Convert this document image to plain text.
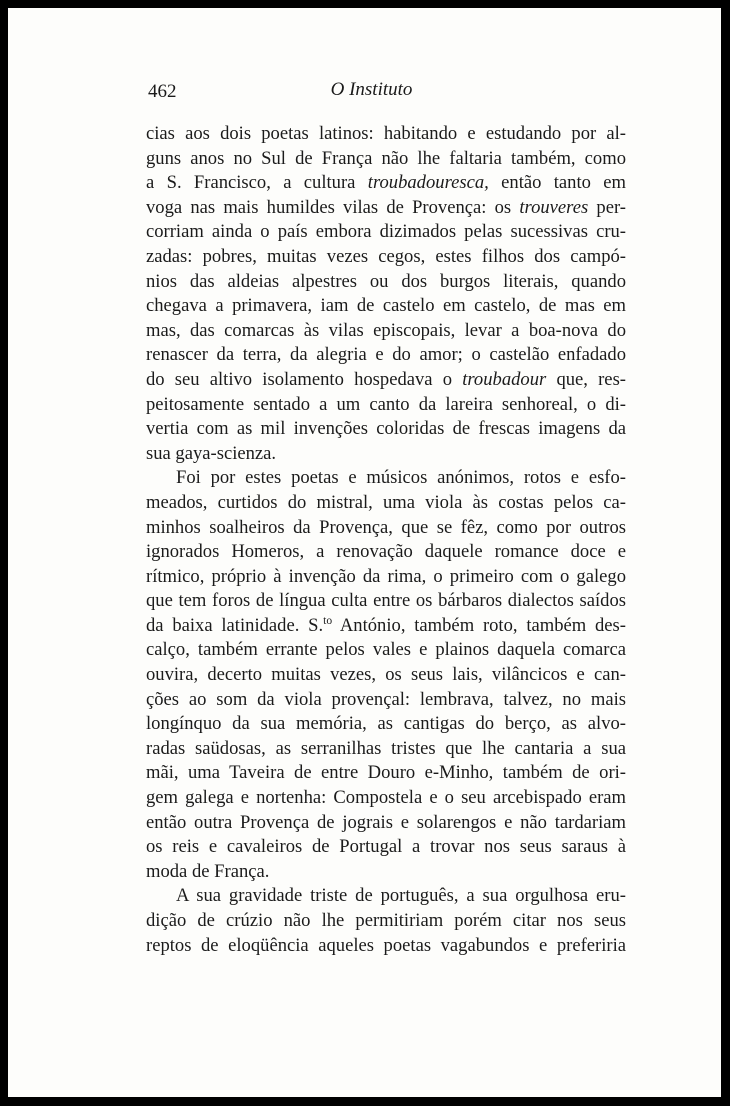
462	O Instituto
cias aos dois poetas latinos: habitando e estudando por al-
guns anos no Sul de França não lhe faltaria também, como
a S. Francisco, a cultura troubadouresca, então tanto em
voga nas mais humildes vilas de Provença: os trouveres per-
corriam ainda o país embora dizimados pelas sucessivas cru-
zadas: pobres, muitas vezes cegos, estes filhos dos campó-
nios das aldeias alpestres ou dos burgos literais, quando
chegava a primavera, iam de castelo em castelo, de mas em
mas, das comarcas às vilas episcopais, levar a boa-nova do
renascer da terra, da alegria e do amor; o castelão enfadado
do seu altivo isolamento hospedava o troubadour que, res-
peitosamente sentado a um canto da lareira senhoreal, o di-
vertia com as mil invenções coloridas de frescas imagens da
sua gaya-scienza.
Foi por estes poetas e músicos anónimos, rotos e esfo-
meados, curtidos do mistral, uma viola às costas pelos ca-
minhos soalheiros da Provença, que se fêz, como por outros
ignorados Homeros, a renovação daquele romance doce e
rítmico, próprio à invenção da rima, o primeiro com o galego
que tem foros de língua culta entre os bárbaros dialectos saídos
da baixa latinidade. S.$^{to}$ António, também roto, também des-
calço, também errante pelos vales e plainos daquela comarca
ouvira, decerto muitas vezes, os seus lais, vilâncicos e can-
ções ao som da viola provençal: lembrava, talvez, no mais
longínquo da sua memória, as cantigas do berço, as alvo-
radas saüdosas, as serranilhas tristes que lhe cantaria a sua
mãi, uma Taveira de entre Douro e-Minho, também de ori-
gem galega e nortenha: Compostela e o seu arcebispado eram
então outra Provença de jograis e solarengos e não tardariam
os reis e cavaleiros de Portugal a trovar nos seus saraus à
moda de França.
A sua gravidade triste de português, a sua orgulhosa eru-
dição de crúzio não lhe permitiriam porém citar nos seus
reptos de eloqüência aqueles poetas vagabundos e preferiria
